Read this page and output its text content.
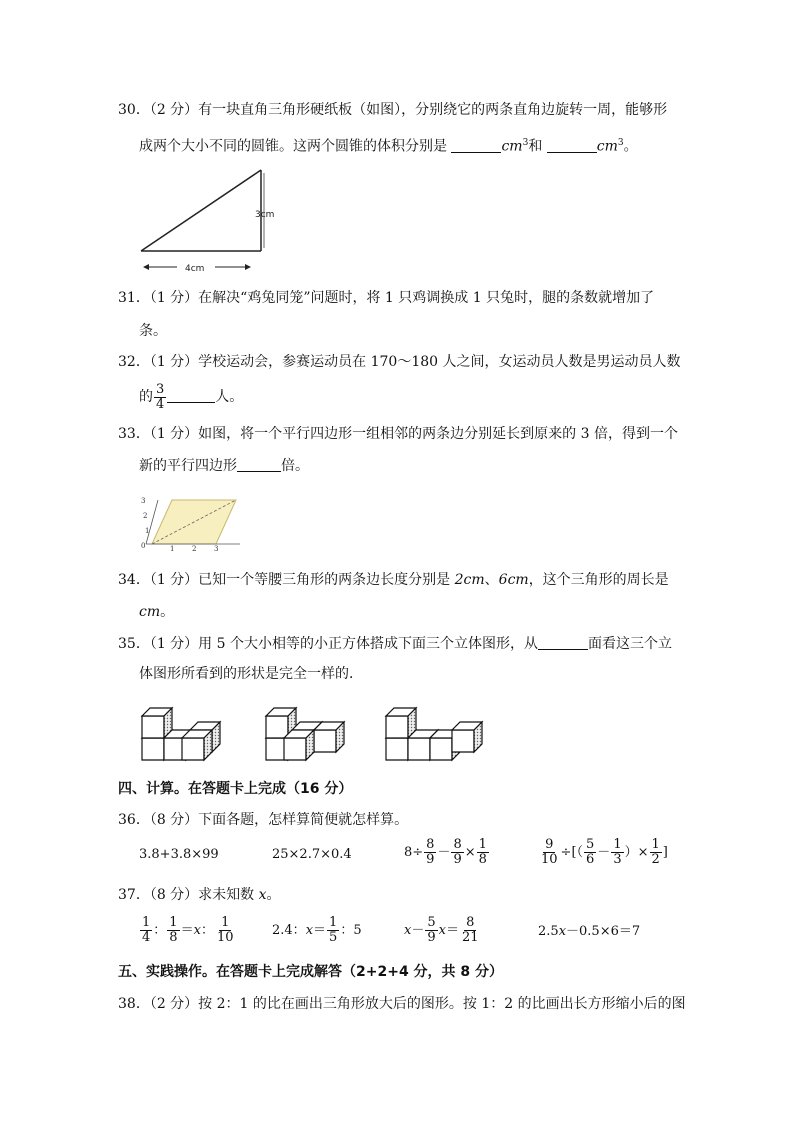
30．（2 分）有一块直角三角形硬纸板（如图），分别绕它的两条直角边旋转一周，能够形
成两个大小不同的圆锥。这两个圆锥的体积分别是	$cm^3$和	$cm^3$。
3cm
4cm
31．（1 分）在解决“鸡兔同笼”问题时，将 1 只鸡调换成 1 只兔时，腿的条数就增加了
条。
32．（1 分）学校运动会，参赛运动员在 170～180 人之间，女运动员人数是男运动员人数
的 $\frac{3}{4}$	人。
33．（1 分）如图，将一个平行四边形一组相邻的两条边分别延长到原来的 3 倍，得到一个
新的平行四边形	倍。
3
2
1
0	1	2	3
34．（1 分）已知一个等腰三角形的两条边长度分别是 2cm、6cm，这个三角形的周长是
cm。
35．（1 分）用 5 个大小相等的小正方体搭成下面三个立体图形，从	面看这三个立
体图形所看到的形状是完全一样的．
四、计算。在答题卡上完成（16 分）
36．（8 分）下面各题，怎样算简便就怎样算。
3.8+3.8×99	25×2.7×0.4	$8\div \frac{8}{9} - \frac{8}{9} \times \frac{1}{8}$	$\frac{9}{10}$ ÷[（ $\frac{5}{6} - \frac{1}{3}$ ）× $\frac{1}{2}$ ]
37．（8 分）求未知数 x。
$\frac{1}{4}$ ： $\frac{1}{8} =x$： $\frac{1}{10}$	2.4：$x= \frac{1}{5}$ ：5	$x- \frac{5}{9} x= \frac{8}{21}$	2.5x－0.5×6＝7
五、实践操作。在答题卡上完成解答（2+2+4 分，共 8 分）
38．（2 分）按 2：1 的比在画出三角形放大后的图形。按 1：2 的比画出长方形缩小后的图
